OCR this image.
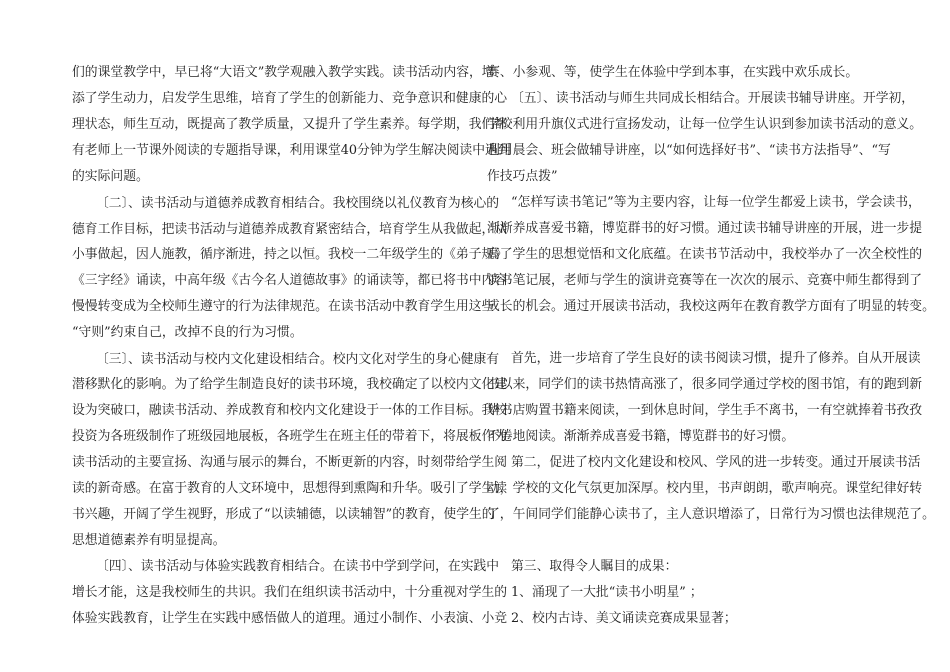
们的课堂教学中，早已将“大语文”教学观融入教学实践。读书活动内容，增
添了学生动力，启发学生思维，培育了学生的创新能力、竞争意识和健康的心
理状态，师生互动，既提高了教学质量，又提升了学生素养。每学期，我们都
有老师上一节课外阅读的专题指导课，利用课堂40分钟为学生解决阅读中遇到
的实际问题。
〔二〕、读书活动与道德养成教育相结合。我校围绕以礼仪教育为核心的
德育工作目标，把读书活动与道德养成教育紧密结合，培育学生从我做起，从
小事做起，因人施教，循序渐进，持之以恒。我校一二年级学生的《弟子规》
《三字经》诵读，中高年级《古今名人道德故事》的诵读等，都已将书中内容
慢慢转变成为全校师生遵守的行为法律规范。在读书活动中教育学生用这些
“守则”约束自己，改掉不良的行为习惯。
〔三〕、读书活动与校内文化建设相结合。校内文化对学生的身心健康有
潜移默化的影响。为了给学生制造良好的读书环境，我校确定了以校内文化建
设为突破口，融读书活动、养成教育和校内文化建设于一体的工作目标。我校
投资为各班级制作了班级园地展板，各班学生在班主任的带着下，将展板作为
读书活动的主要宣扬、沟通与展示的舞台，不断更新的内容，时刻带给学生阅
读的新奇感。在富于教育的人文环境中，思想得到熏陶和升华。吸引了学生读
书兴趣，开阔了学生视野，形成了“以读辅德，以读辅智”的教育，使学生的
思想道德素养有明显提高。
〔四〕、读书活动与体验实践教育相结合。在读书中学到学问，在实践中
增长才能，这是我校师生的共识。我们在组织读书活动中，十分重视对学生的
体验实践教育，让学生在实践中感悟做人的道理。通过小制作、小表演、小竞
赛、小参观、等，使学生在体验中学到本事，在实践中欢乐成长。
〔五〕、读书活动与师生共同成长相结合。开展读书辅导讲座。开学初，
学校利用升旗仪式进行宣扬发动，让每一位学生认识到参加读书活动的意义。
利用晨会、班会做辅导讲座，以“如何选择好书”、“读书方法指导”、“写
作技巧点拨”
“怎样写读书笔记”等为主要内容，让每一位学生都爱上读书，学会读书，
渐渐养成喜爱书籍，博览群书的好习惯。通过读书辅导讲座的开展，进一步提
高了学生的思想觉悟和文化底蕴。在读书节活动中，我校举办了一次全校性的
读书笔记展，老师与学生的演讲竞赛等在一次次的展示、竞赛中师生都得到了
成长的机会。通过开展读书活动，我校这两年在教育教学方面有了明显的转变。
首先，进一步培育了学生良好的读书阅读习惯，提升了修养。自从开展读
书以来，同学们的读书热情高涨了，很多同学通过学校的图书馆，有的跑到新
华书店购置书籍来阅读，一到休息时间，学生手不离书，一有空就捧着书孜孜
不倦地阅读。渐渐养成喜爱书籍，博览群书的好习惯。
第二，促进了校内文化建设和校风、学风的进一步转变。通过开展读书活
动，学校的文化气氛更加深厚。校内里，书声朗朗，歌声响亮。课堂纪律好转
了，午间同学们能静心读书了，主人意识增添了，日常行为习惯也法律规范了。
第三、取得令人瞩目的成果：
1、涌现了一大批“读书小明星” ；
2、校内古诗、美文诵读竞赛成果显著；
